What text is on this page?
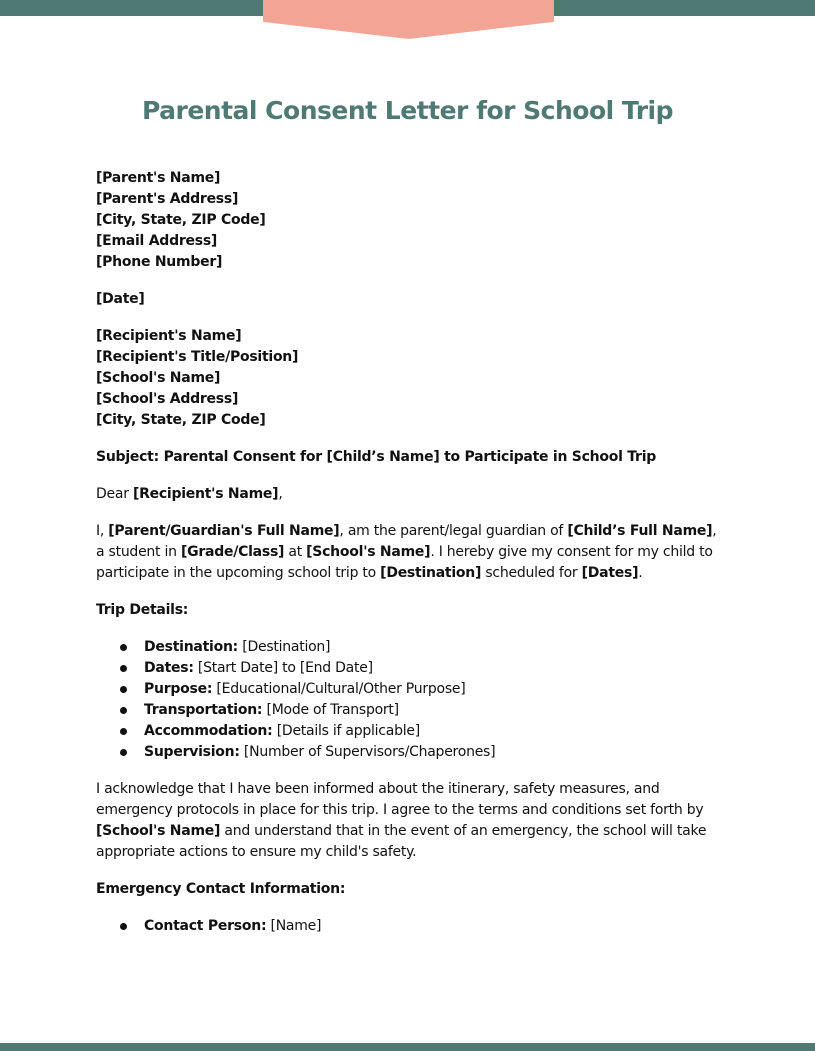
Parental Consent Letter for School Trip
[Parent's Name]
[Parent's Address]
[City, State, ZIP Code]
[Email Address]
[Phone Number]
[Date]
[Recipient's Name]
[Recipient's Title/Position]
[School's Name]
[School's Address]
[City, State, ZIP Code]

Subject: Parental Consent for [Child’s Name] to Participate in School Trip

Dear [Recipient's Name],

I, [Parent/Guardian's Full Name], am the parent/legal guardian of [Child’s Full Name], a student in [Grade/Class] at [School's Name]. I hereby give my consent for my child to participate in the upcoming school trip to [Destination] scheduled for [Dates].

Trip Details:

Destination: [Destination]
Dates: [Start Date] to [End Date]
Purpose: [Educational/Cultural/Other Purpose]
Transportation: [Mode of Transport]
Accommodation: [Details if applicable]
Supervision: [Number of Supervisors/Chaperones]

I acknowledge that I have been informed about the itinerary, safety measures, and emergency protocols in place for this trip. I agree to the terms and conditions set forth by [School's Name] and understand that in the event of an emergency, the school will take appropriate actions to ensure my child's safety.

Emergency Contact Information:

Contact Person: [Name]
